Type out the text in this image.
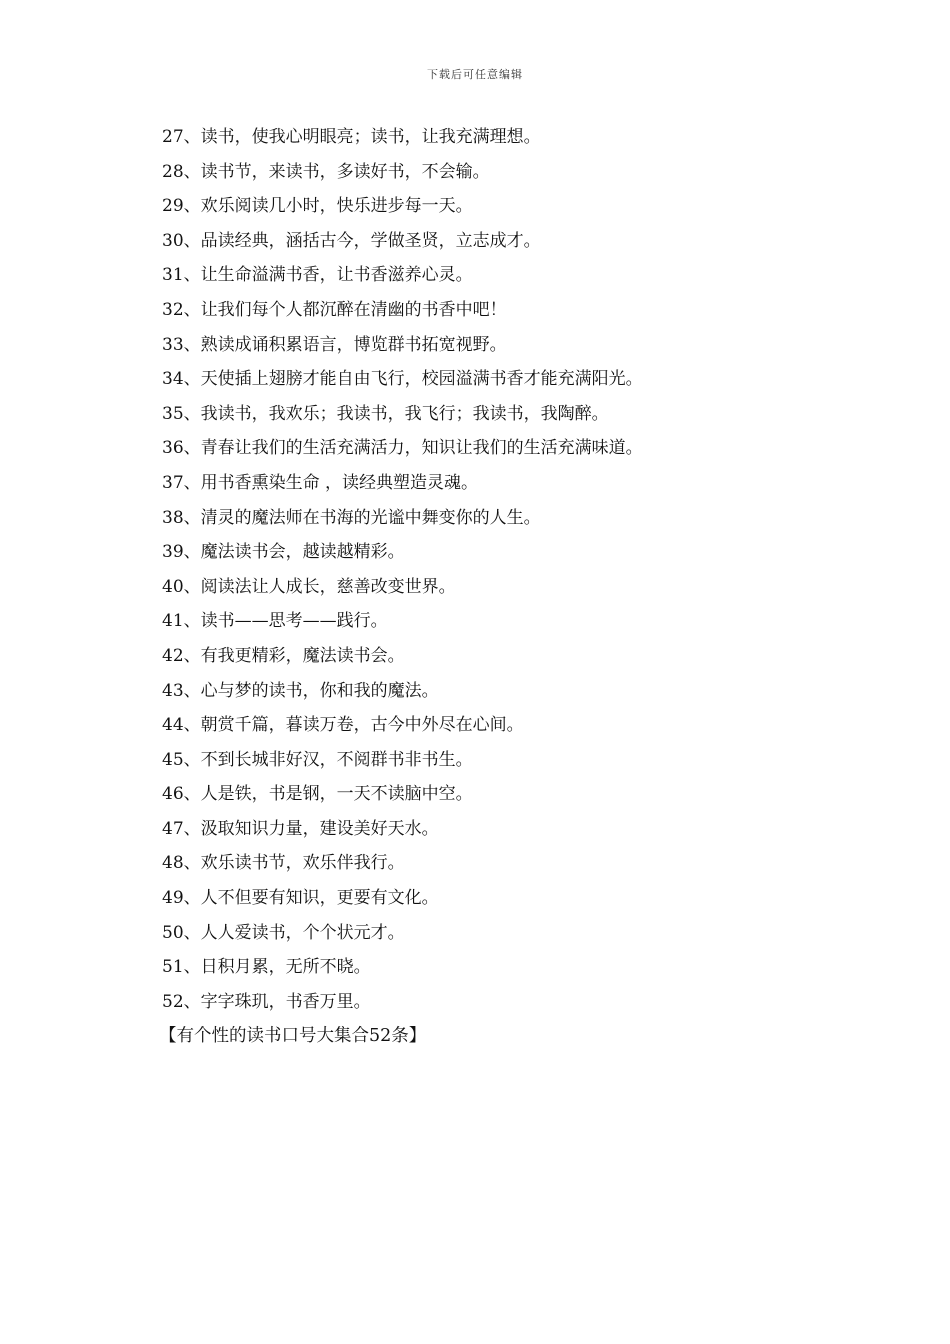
下载后可任意编辑
27、读书，使我心明眼亮；读书，让我充满理想。
28、读书节，来读书，多读好书，不会输。
29、欢乐阅读几小时，快乐进步每一天。
30、品读经典，涵括古今，学做圣贤，立志成才。
31、让生命溢满书香，让书香滋养心灵。
32、让我们每个人都沉醉在清幽的书香中吧！
33、熟读成诵积累语言，博览群书拓宽视野。
34、天使插上翅膀才能自由飞行，校园溢满书香才能充满阳光。
35、我读书，我欢乐；我读书，我飞行；我读书，我陶醉。
36、青春让我们的生活充满活力，知识让我们的生活充满味道。
37、用书香熏染生命 ，读经典塑造灵魂。
38、清灵的魔法师在书海的光谧中舞变你的人生。
39、魔法读书会，越读越精彩。
40、阅读法让人成长，慈善改变世界。
41、读书——思考——践行。
42、有我更精彩，魔法读书会。
43、心与梦的读书，你和我的魔法。
44、朝赏千篇，暮读万卷，古今中外尽在心间。
45、不到长城非好汉，不阅群书非书生。
46、人是铁，书是钢，一天不读脑中空。
47、汲取知识力量，建设美好天水。
48、欢乐读书节，欢乐伴我行。
49、人不但要有知识，更要有文化。
50、人人爱读书，个个状元才。
51、日积月累，无所不晓。
52、字字珠玑，书香万里。
【有个性的读书口号大集合52条】
